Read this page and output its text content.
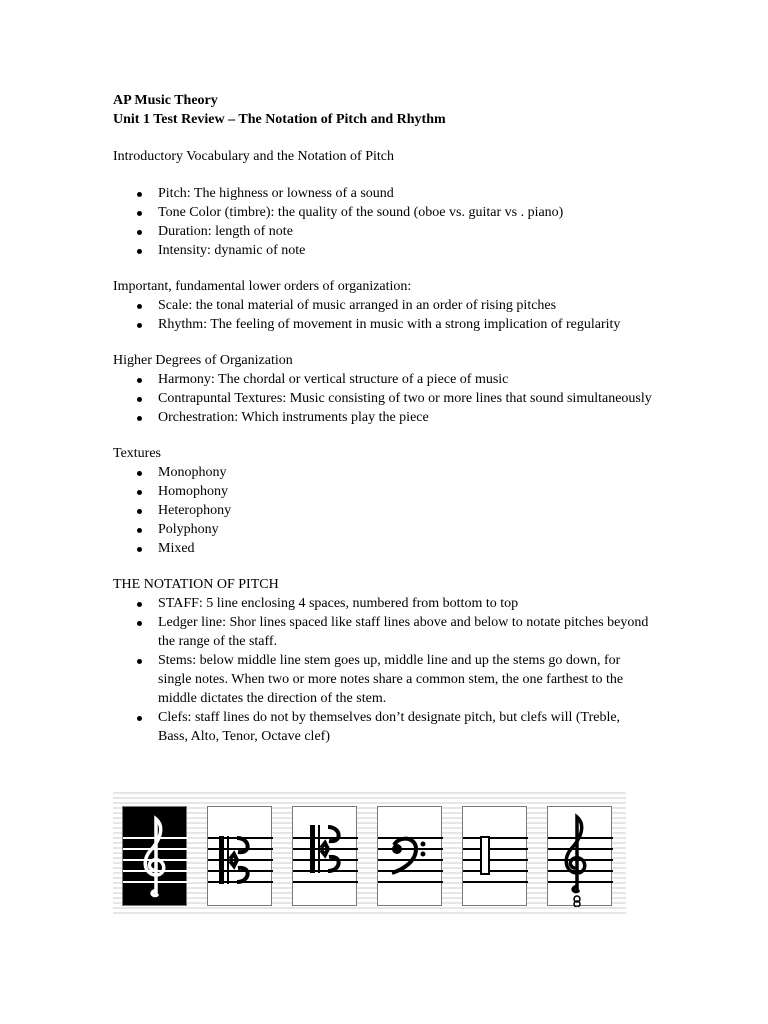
AP Music Theory

Unit 1 Test Review – The Notation of Pitch and Rhythm

Introductory Vocabulary and the Notation of Pitch

Pitch: The highness or lowness of a sound
Tone Color (timbre): the quality of the sound (oboe vs. guitar vs . piano)
Duration: length of note
Intensity: dynamic of note

Important, fundamental lower orders of organization:

Scale: the tonal material of music arranged in an order of rising pitches
Rhythm: The feeling of movement in music with a strong implication of regularity

Higher Degrees of Organization

Harmony: The chordal or vertical structure of a piece of music
Contrapuntal Textures: Music consisting of two or more lines that sound simultaneously
Orchestration: Which instruments play the piece

Textures

Monophony
Homophony
Heterophony
Polyphony
Mixed

THE NOTATION OF PITCH

STAFF: 5 line enclosing 4 spaces, numbered from bottom to top
Ledger line: Shor lines spaced like staff lines above and below to notate pitches beyond the range of the staff.
Stems: below middle line stem goes up, middle line and up the stems go down, for single notes. When two or more notes share a common stem, the one farthest to the middle dictates the direction of the stem.
Clefs: staff lines do not by themselves don’t designate pitch, but clefs will (Treble, Bass, Alto, Tenor, Octave clef)
